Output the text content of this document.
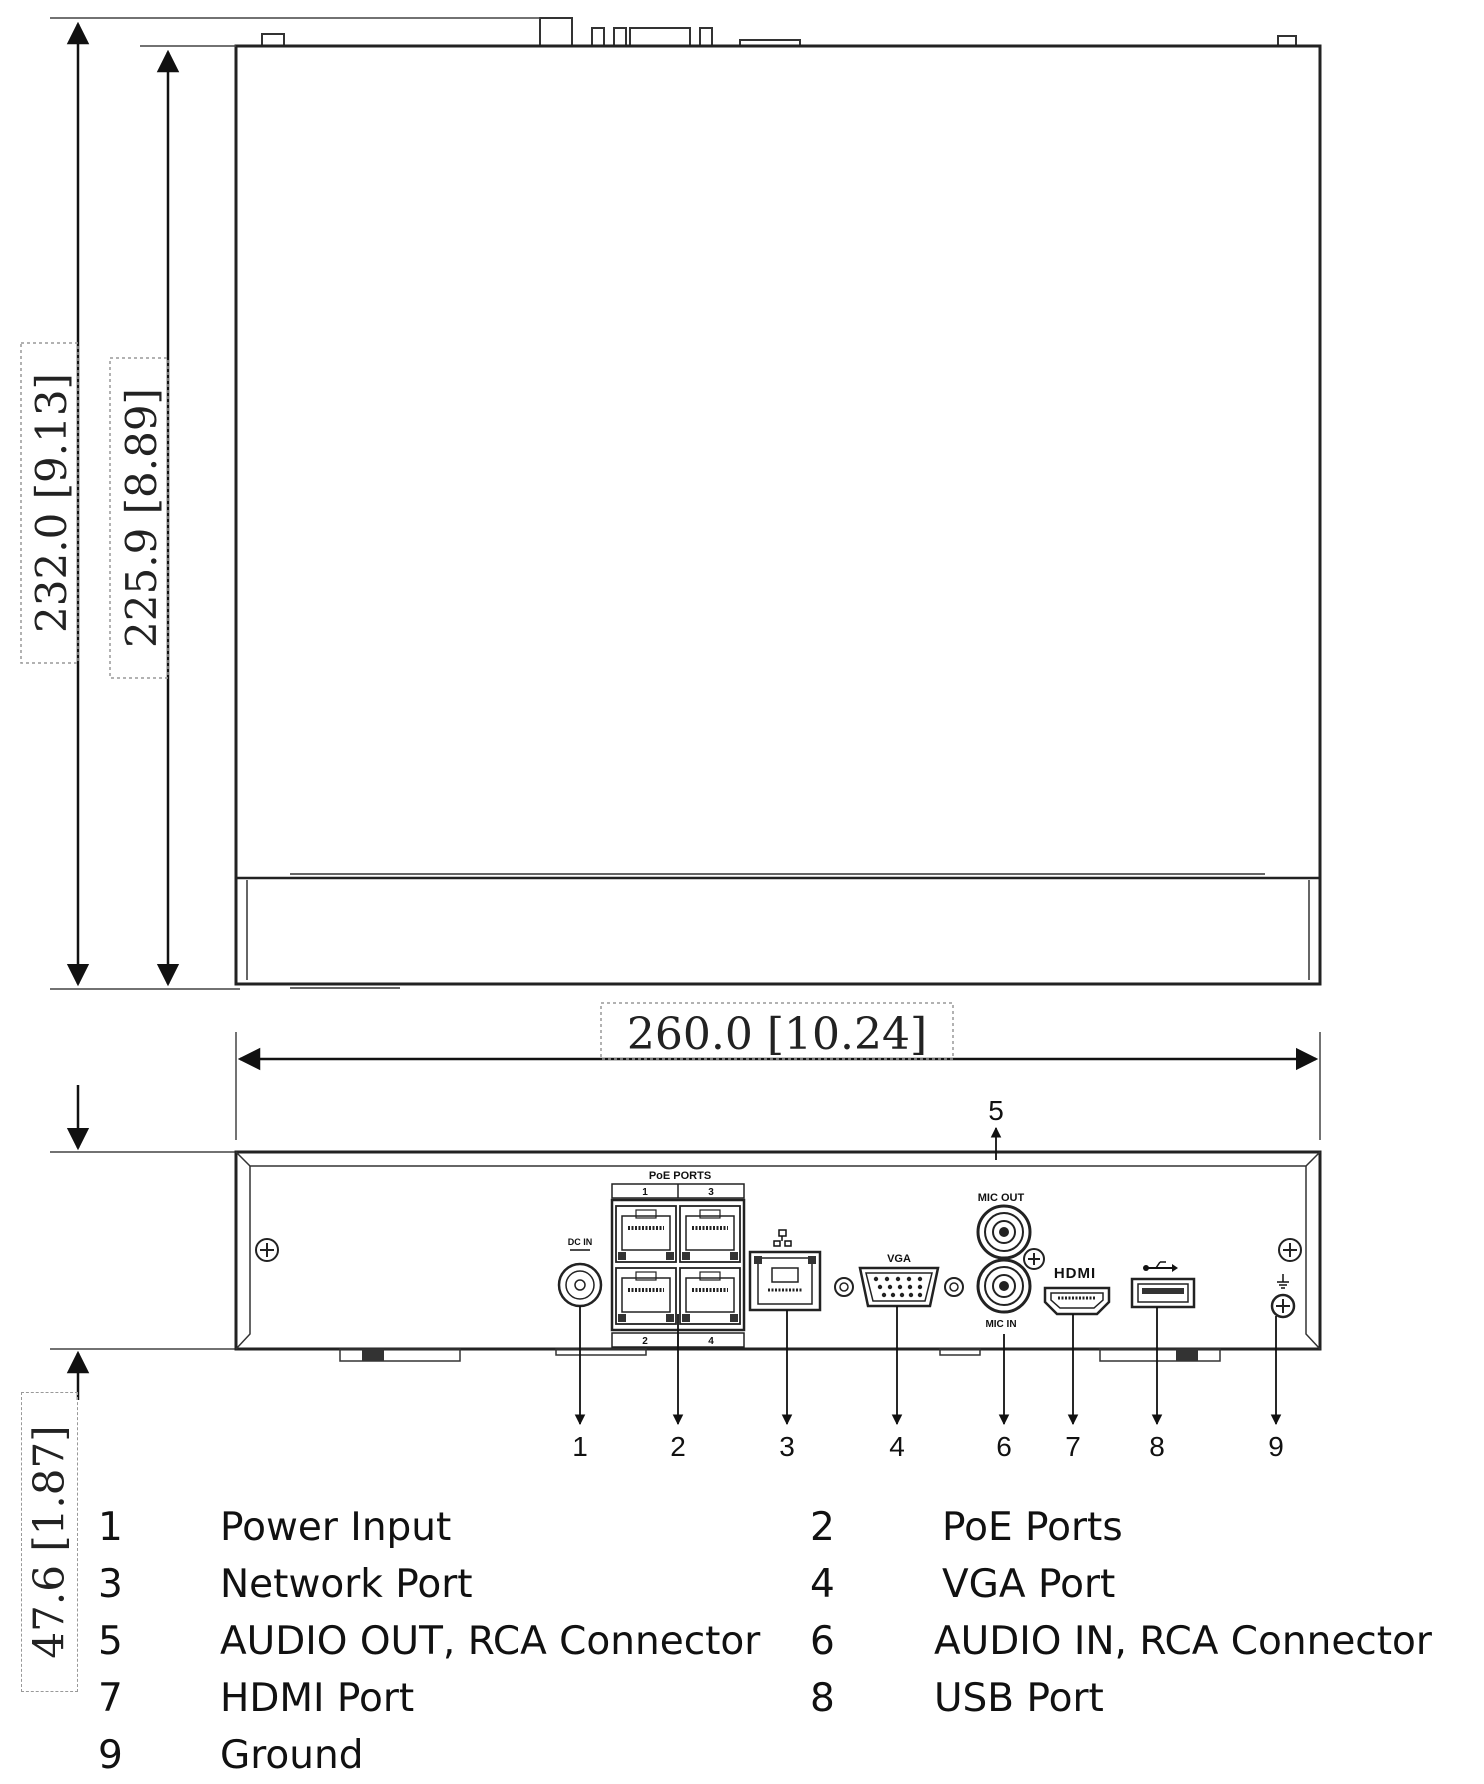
232.0 [9.13] 225.9 [8.89]
260.0 [10.24]
DC IN
PoE PORTS
1	3
2	4
VGA
MIC OUT
MIC IN
HDMI
1	2	3	4
5
6 7 8	9
47.6 [1.87] 1 Power Input	2	PoE Ports
3 Network Port	4	VGA Port
5 AUDIO OUT, RCA Connector 6	AUDIO IN, RCA Connector
7 HDMI Port	8	USB Port
9 Ground
